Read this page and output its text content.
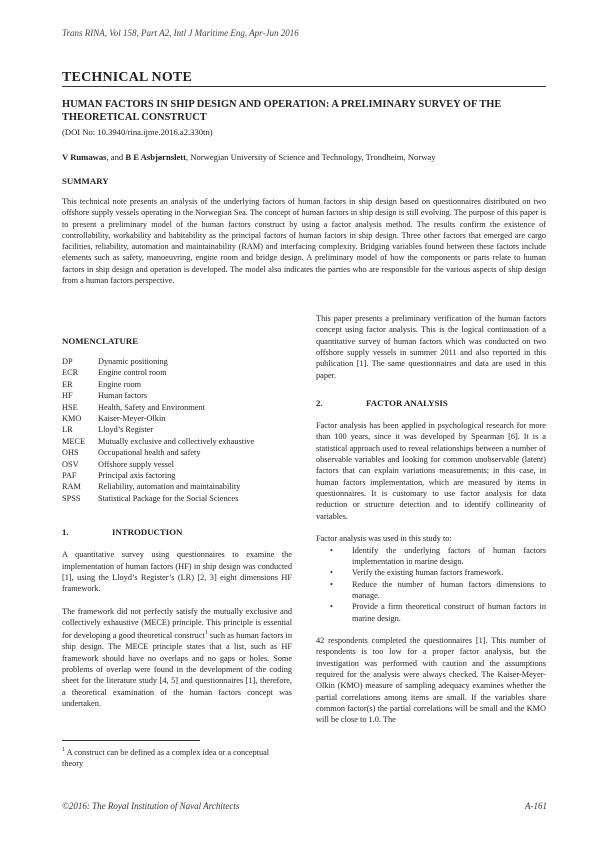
Trans RINA, Vol 158, Part A2, Intl J Maritime Eng, Apr-Jun 2016
TECHNICAL NOTE
HUMAN FACTORS IN SHIP DESIGN AND OPERATION: A PRELIMINARY SURVEY OF THE THEORETICAL CONSTRUCT
(DOI No: 10.3940/rina.ijme.2016.a2.330tn)
V Rumawas, and B E Asbjørnslett, Norwegian University of Science and Technology, Trondheim, Norway
SUMMARY
This technical note presents an analysis of the underlying factors of human factors in ship design based on questionnaires distributed on two offshore supply vessels operating in the Norwegian Sea. The concept of human factors in ship design is still evolving. The purpose of this paper is to present a preliminary model of the human factors construct by using a factor analysis method. The results confirm the existence of controllability, workability and habitability as the principal factors of human factors in ship design. Three other factors that emerged are cargo facilities, reliability, automation and maintainability (RAM) and interfacing complexity. Bridging variables found between these factors include elements such as safety, manoeuvring, engine room and bridge design. A preliminary model of how the components or parts relate to human factors in ship design and operation is developed. The model also indicates the parties who are responsible for the various aspects of ship design from a human factors perspective.
NOMENCLATURE
DP	Dynamic positioning
ECR	Engine control room
ER	Engine room
HF	Human factors
HSE	Health, Safety and Environment
KMO	Kaiser-Meyer-Olkin
LR	Lloyd’s Register
MECE	Mutually exclusive and collectively exhaustive
OHS	Occupational health and safety
OSV	Offshore supply vessel
PAF	Principal axis factoring
RAM	Reliability, automation and maintainability
SPSS	Statistical Package for the Social Sciences
1.	INTRODUCTION

A quantitative survey using questionnaires to examine the implementation of human factors (HF) in ship design was conducted [1], using the Lloyd’s Register’s (LR) [2, 3] eight dimensions HF framework.

The framework did not perfectly satisfy the mutually exclusive and collectively exhaustive (MECE) principle. This principle is essential for developing a good theoretical construct$^1$ such as human factors in ship design. The MECE principle states that a list, such as HF framework should have no overlaps and no gaps or holes. Some problems of overlap were found in the development of the coding sheet for the literature study [4, 5] and questionnaires [1], therefore, a theoretical examination of the human factors concept was undertaken.

$^1$ A construct can be defined as a complex idea or a conceptual theory

This paper presents a preliminary verification of the human factors concept using factor analysis. This is the logical continuation of a quantitative survey of human factors which was conducted on two offshore supply vessels in summer 2011 and also reported in this publication [1]. The same questionnaires and data are used in this paper.

2.	FACTOR ANALYSIS

Factor analysis has been applied in psychological research for more than 100 years, since it was developed by Spearman [6]. It is a statistical approach used to reveal relationships between a number of observable variables and looking for common unobservable (latent) factors that can explain variations measurements; in this case, in human factors implementation, which are measured by items in questionnaires. It is customary to use factor analysis for data reduction or structure detection and to identify collinearity of variables.

Factor analysis was used in this study to:

• Identify the underlying factors of human factors implementation in marine design.
• Verify the existing human factors framework.
• Reduce the number of human factors dimensions to manage.
• Provide a firm theoretical construct of human factors in marine design.

42 respondents completed the questionnaires [1]. This number of respondents is too low for a proper factor analysis, but the investigation was performed with caution and the assumptions required for the analysis were always checked. The Kaiser-Meyer-Olkin (KMO) measure of sampling adequacy examines whether the partial correlations among items are small. If the variables share common factor(s) the partial correlations will be small and the KMO will be close to 1.0. The

©2016: The Royal Institution of Naval Architects	A-161
